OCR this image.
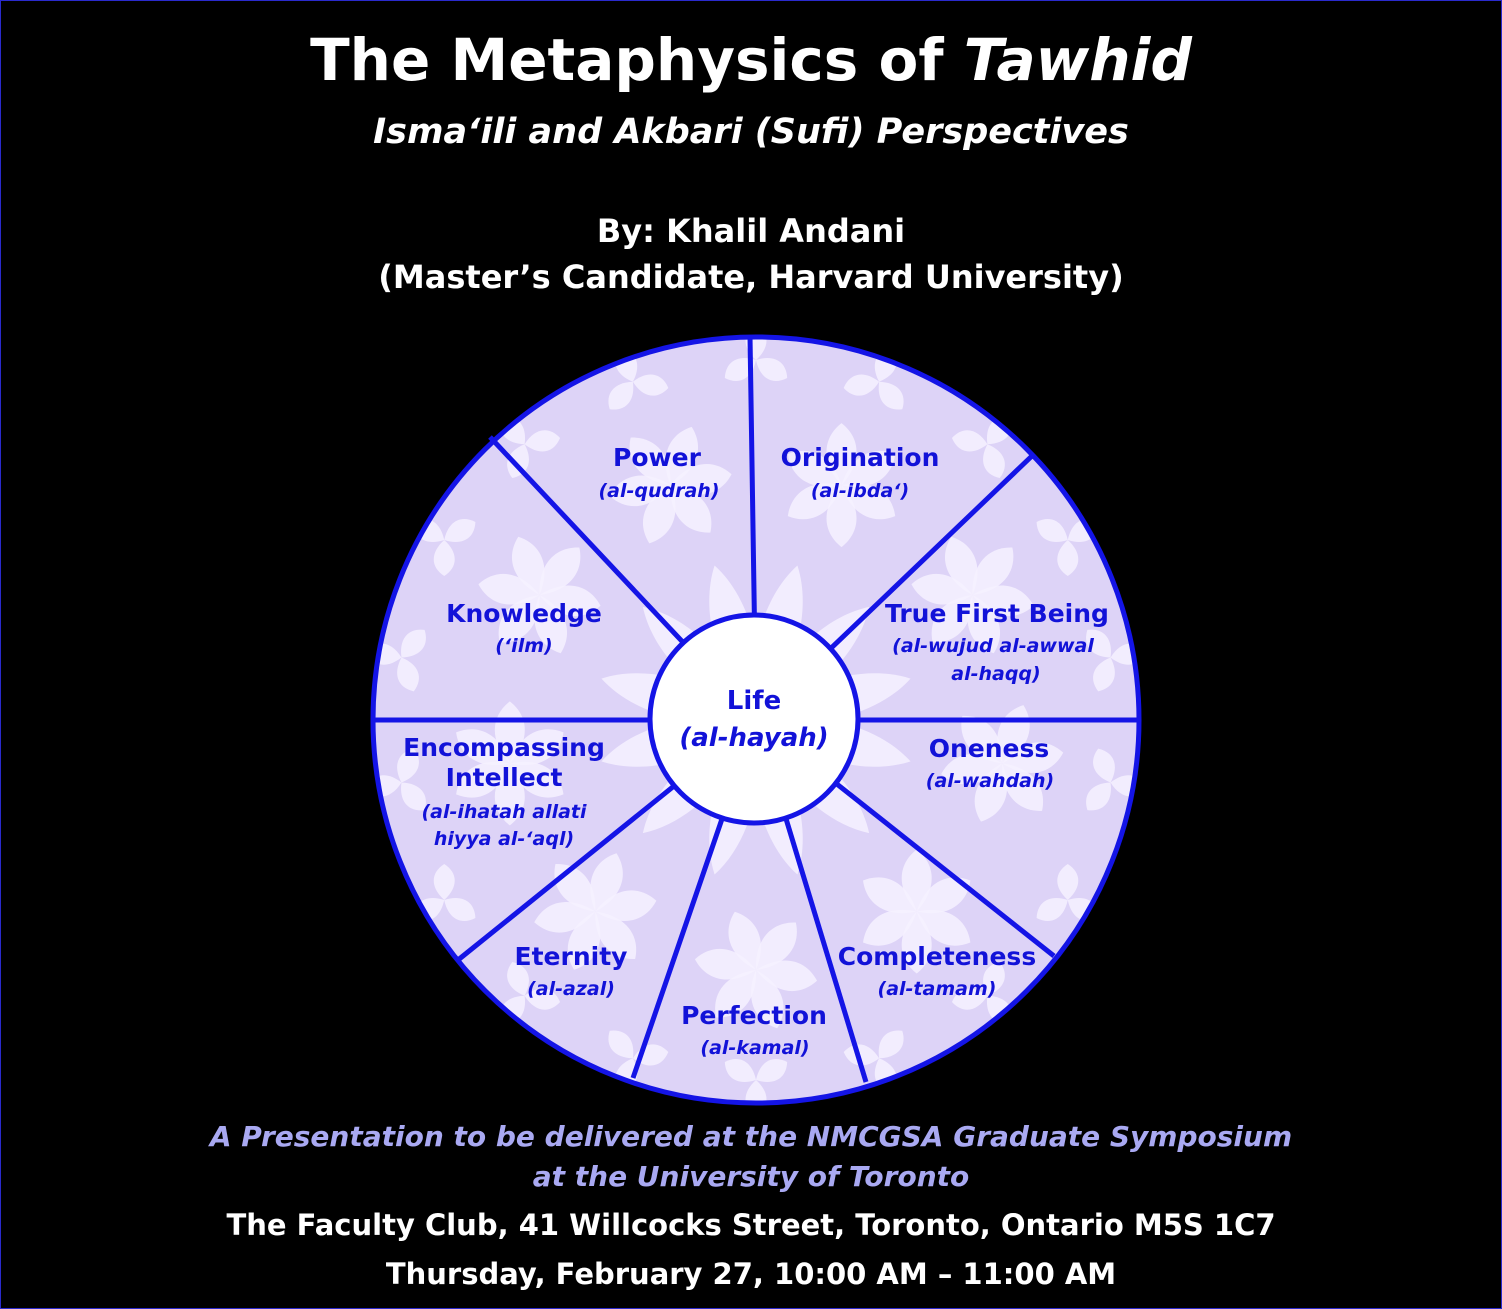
The Metaphysics of Tawhid
Isma‘ili and Akbari (Sufi) Perspectives
By: Khalil Andani
(Master’s Candidate, Harvard University)
Life
(al-hayah)
Power
(al-qudrah)
Origination
(al-ibda‘)
True First Being
(al-wujud al-awwal
al-haqq)
Oneness
(al-wahdah)
Completeness
(al-tamam)
Perfection
(al-kamal)
Eternity
(al-azal)
Encompassing
Intellect
(al-ihatah allati
hiyya al-‘aql)
Knowledge
(‘ilm)
A Presentation to be delivered at the NMCGSA Graduate Symposium
at the University of Toronto
The Faculty Club, 41 Willcocks Street, Toronto, Ontario M5S 1C7
Thursday, February 27, 10:00 AM – 11:00 AM
